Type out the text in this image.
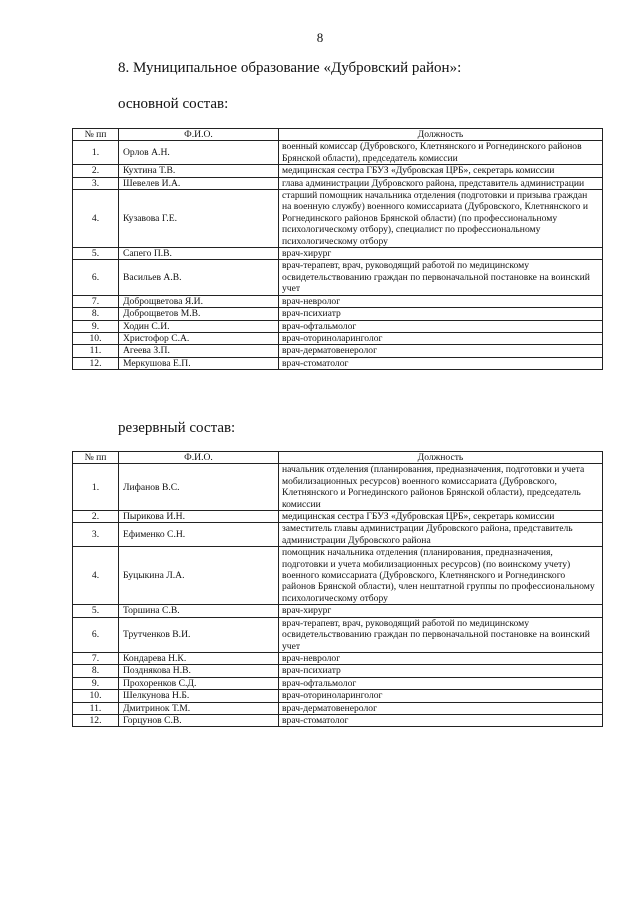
8
8. Муниципальное образование «Дубровский район»:
основной состав:
№ пп	Ф.И.О.	Должность
1.	Орлов А.Н.	военный комиссар (Дубровского, Клетнянского и Рогнединского районов Брянской области), председатель комиссии
2.	Кухтина Т.В.	медицинская сестра ГБУЗ «Дубровская ЦРБ», секретарь комиссии
3.	Шевелев И.А.	глава администрации Дубровского района, представитель администрации
4.	Кузавова Г.Е.	старший помощник начальника отделения (подготовки и призыва граждан на военную службу) военного комиссариата (Дубровского, Клетнянского и Рогнединского районов Брянской области) (по профессиональному психологическому отбору), специалист по профессиональному психологическому отбору
5.	Сапего П.В.	врач-хирург
6.	Васильев А.В.	врач-терапевт, врач, руководящий работой по медицинскому освидетельствованию граждан по первоначальной постановке на воинский учет
7.	Доброщветова Я.И.	врач-невролог
8.	Доброщветов М.В.	врач-психиатр
9.	Ходин С.И.	врач-офтальмолог
10.	Христофор С.А.	врач-оториноларинголог
11.	Агеева З.П.	врач-дерматовенеролог
12.	Меркушова Е.П.	врач-стоматолог
резервный состав:
№ пп	Ф.И.О.	Должность
1.	Лифанов В.С.	начальник отделения (планирования, предназначения, подготовки и учета мобилизационных ресурсов) военного комиссариата (Дубровского, Клетнянского и Рогнединского районов Брянской области), председатель комиссии
2.	Пырикова И.Н.	медицинская сестра ГБУЗ «Дубровская ЦРБ», секретарь комиссии
3.	Ефименко С.Н.	заместитель главы администрации Дубровского района, представитель администрации Дубровского района
4.	Буцыкина Л.А.	помощник начальника отделения (планирования, предназначения, подготовки и учета мобилизационных ресурсов) (по воинскому учету) военного комиссариата (Дубровского, Клетнянского и Рогнединского районов Брянской области), член нештатной группы по профессиональному психологическому отбору
5.	Торшина С.В.	врач-хирург
6.	Трутченков В.И.	врач-терапевт, врач, руководящий работой по медицинскому освидетельствованию граждан по первоначальной постановке на воинский учет
7.	Кондарева Н.К.	врач-невролог
8.	Позднякова Н.В.	врач-психиатр
9.	Прохоренков С.Д.	врач-офтальмолог
10.	Шелкунова Н.Б.	врач-оториноларинголог
11.	Дмитринок Т.М.	врач-дерматовенеролог
12.	Горцунов С.В.	врач-стоматолог
